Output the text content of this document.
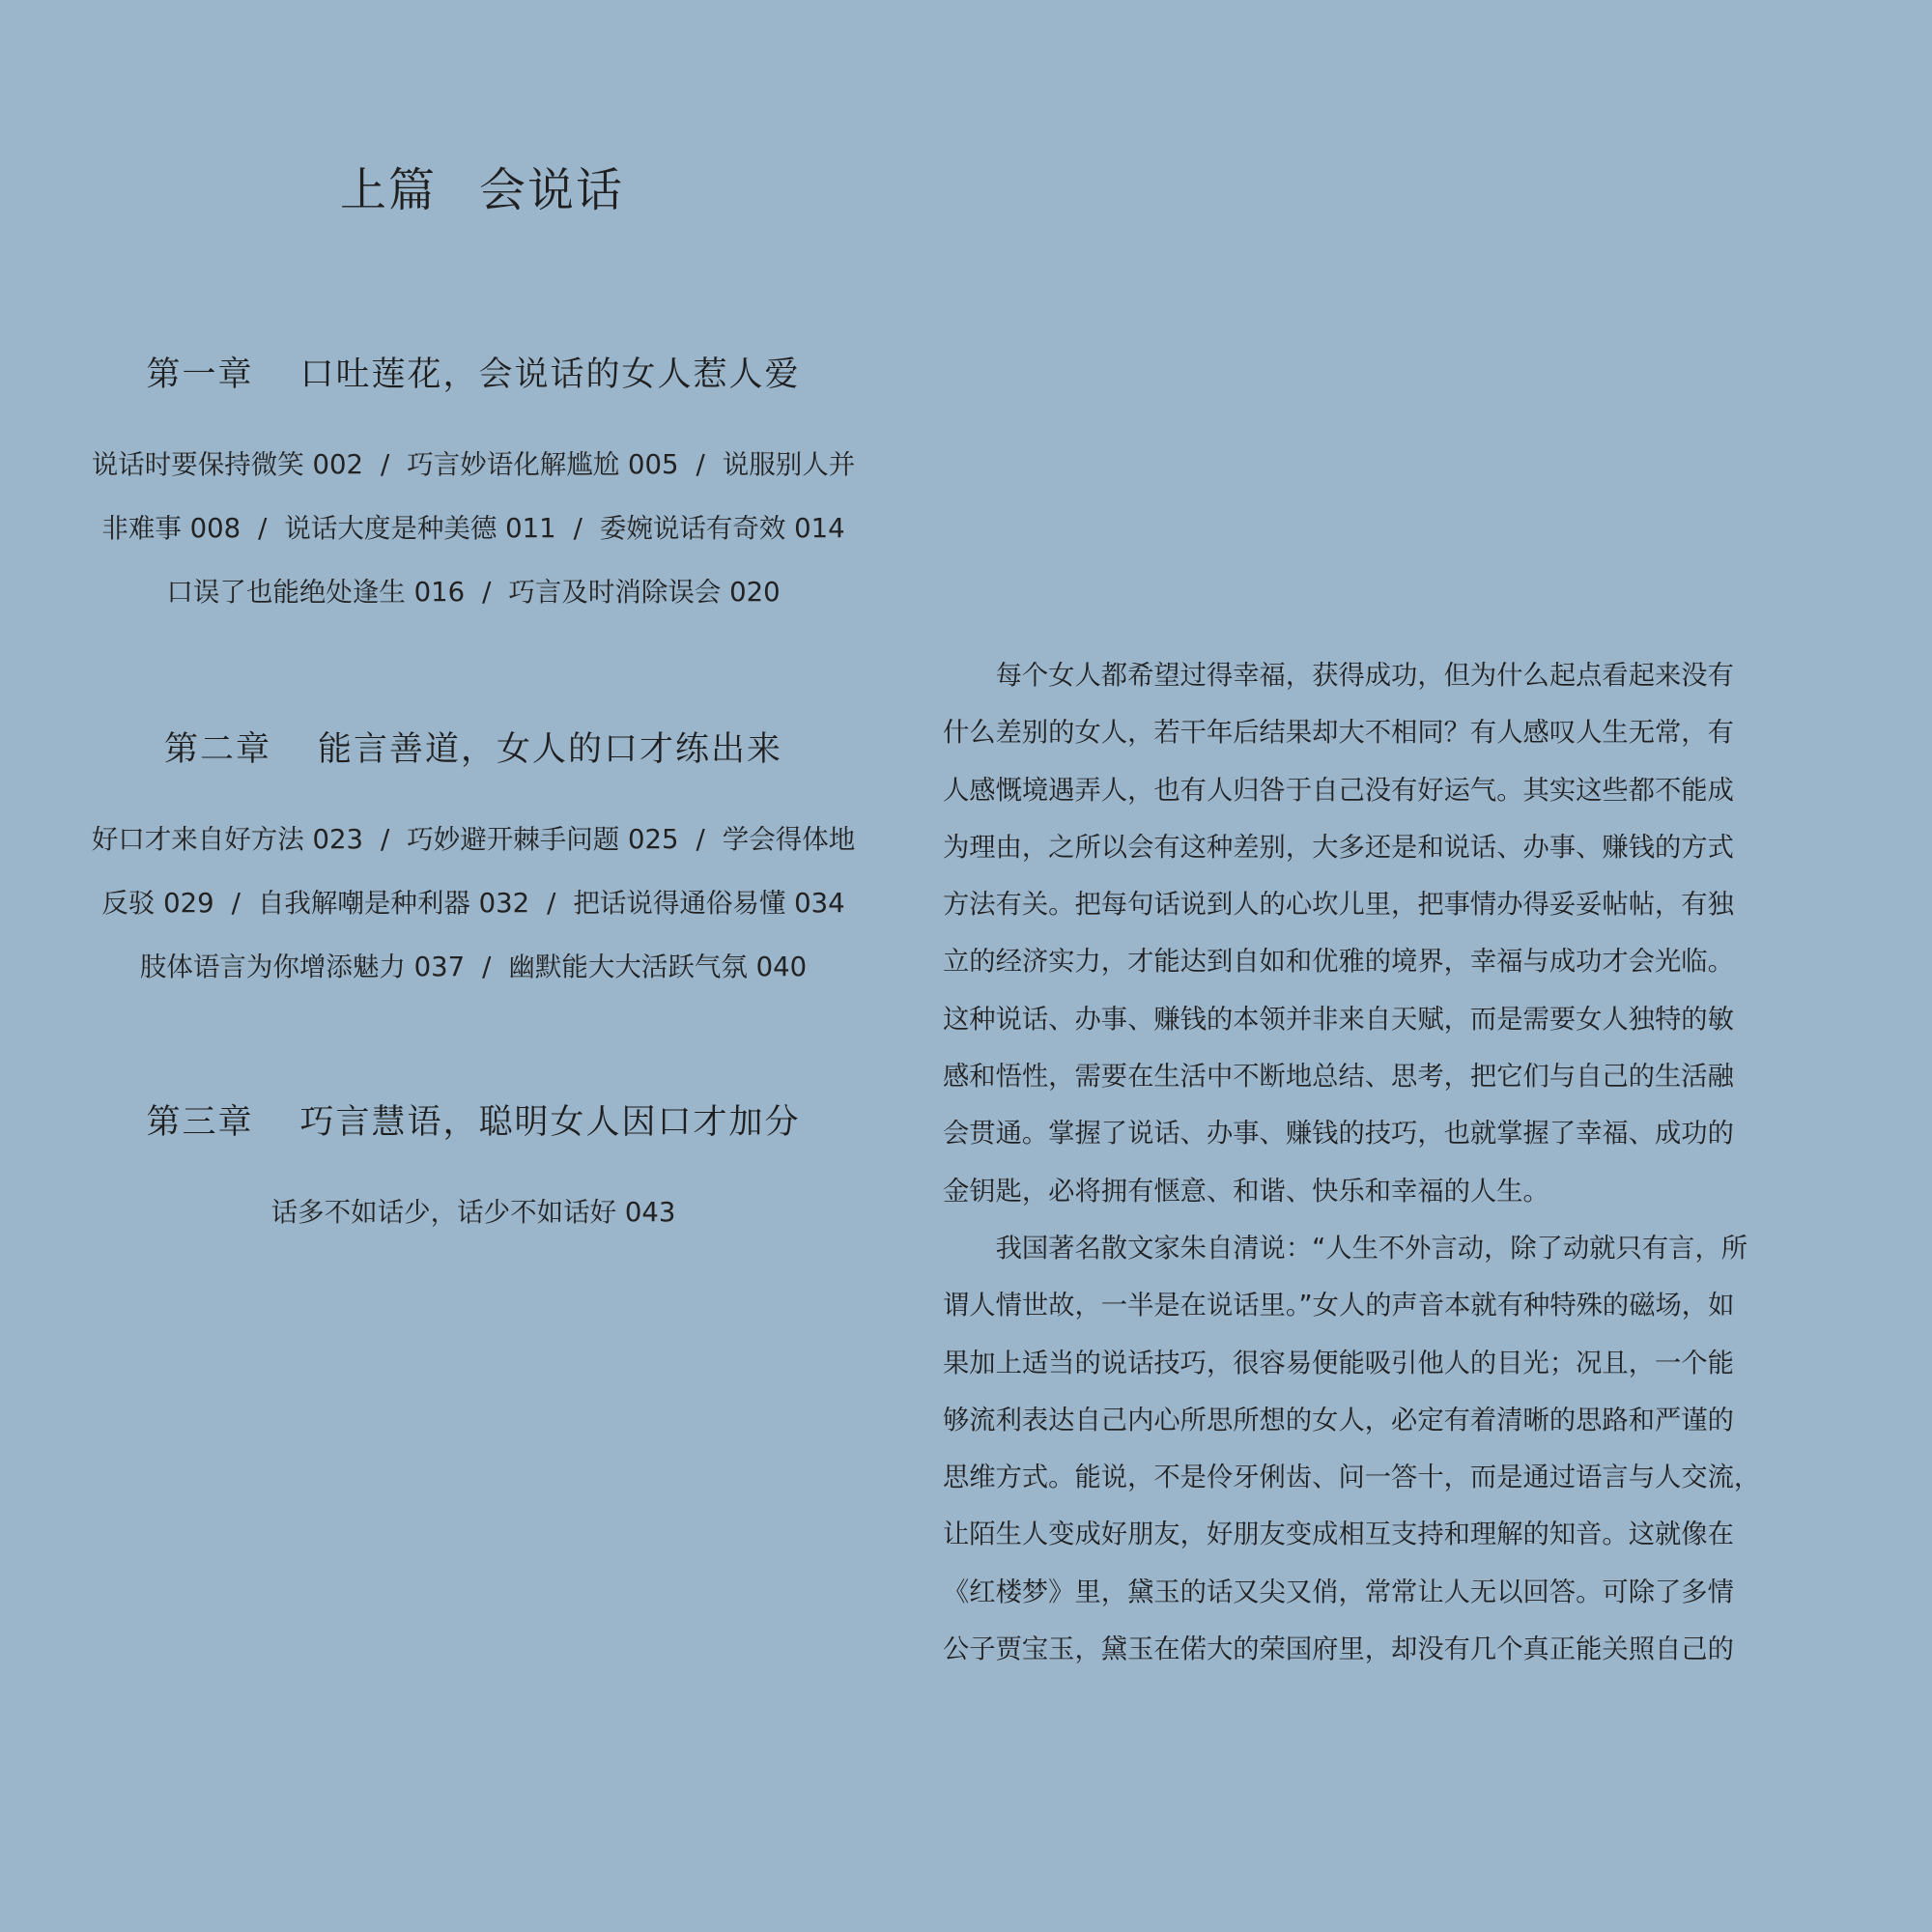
上篇 会说话
第一章 口吐莲花，会说话的女人惹人爱
说话时要保持微笑 002 / 巧言妙语化解尴尬 005 / 说服别人并
非难事 008 / 说话大度是种美德 011 / 委婉说话有奇效 014
口误了也能绝处逢生 016 / 巧言及时消除误会 020
第二章 能言善道，女人的口才练出来
好口才来自好方法 023 / 巧妙避开棘手问题 025 / 学会得体地
反驳 029 / 自我解嘲是种利器 032 / 把话说得通俗易懂 034
肢体语言为你增添魅力 037 / 幽默能大大活跃气氛 040
第三章 巧言慧语，聪明女人因口才加分
话多不如话少，话少不如话好 043
　　每个女人都希望过得幸福，获得成功，但为什么起点看起来没有
什么差别的女人，若干年后结果却大不相同？有人感叹人生无常，有
人感慨境遇弄人，也有人归咎于自己没有好运气。其实这些都不能成
为理由，之所以会有这种差别，大多还是和说话、办事、赚钱的方式
方法有关。把每句话说到人的心坎儿里，把事情办得妥妥帖帖，有独
立的经济实力，才能达到自如和优雅的境界，幸福与成功才会光临。
这种说话、办事、赚钱的本领并非来自天赋，而是需要女人独特的敏
感和悟性，需要在生活中不断地总结、思考，把它们与自己的生活融
会贯通。掌握了说话、办事、赚钱的技巧，也就掌握了幸福、成功的
金钥匙，必将拥有惬意、和谐、快乐和幸福的人生。
　　我国著名散文家朱自清说：“人生不外言动，除了动就只有言，所
谓人情世故，一半是在说话里。”女人的声音本就有种特殊的磁场，如
果加上适当的说话技巧，很容易便能吸引他人的目光；况且，一个能
够流利表达自己内心所思所想的女人，必定有着清晰的思路和严谨的
思维方式。能说，不是伶牙俐齿、问一答十，而是通过语言与人交流，
让陌生人变成好朋友，好朋友变成相互支持和理解的知音。这就像在
《红楼梦》里，黛玉的话又尖又俏，常常让人无以回答。可除了多情
公子贾宝玉，黛玉在偌大的荣国府里，却没有几个真正能关照自己的
